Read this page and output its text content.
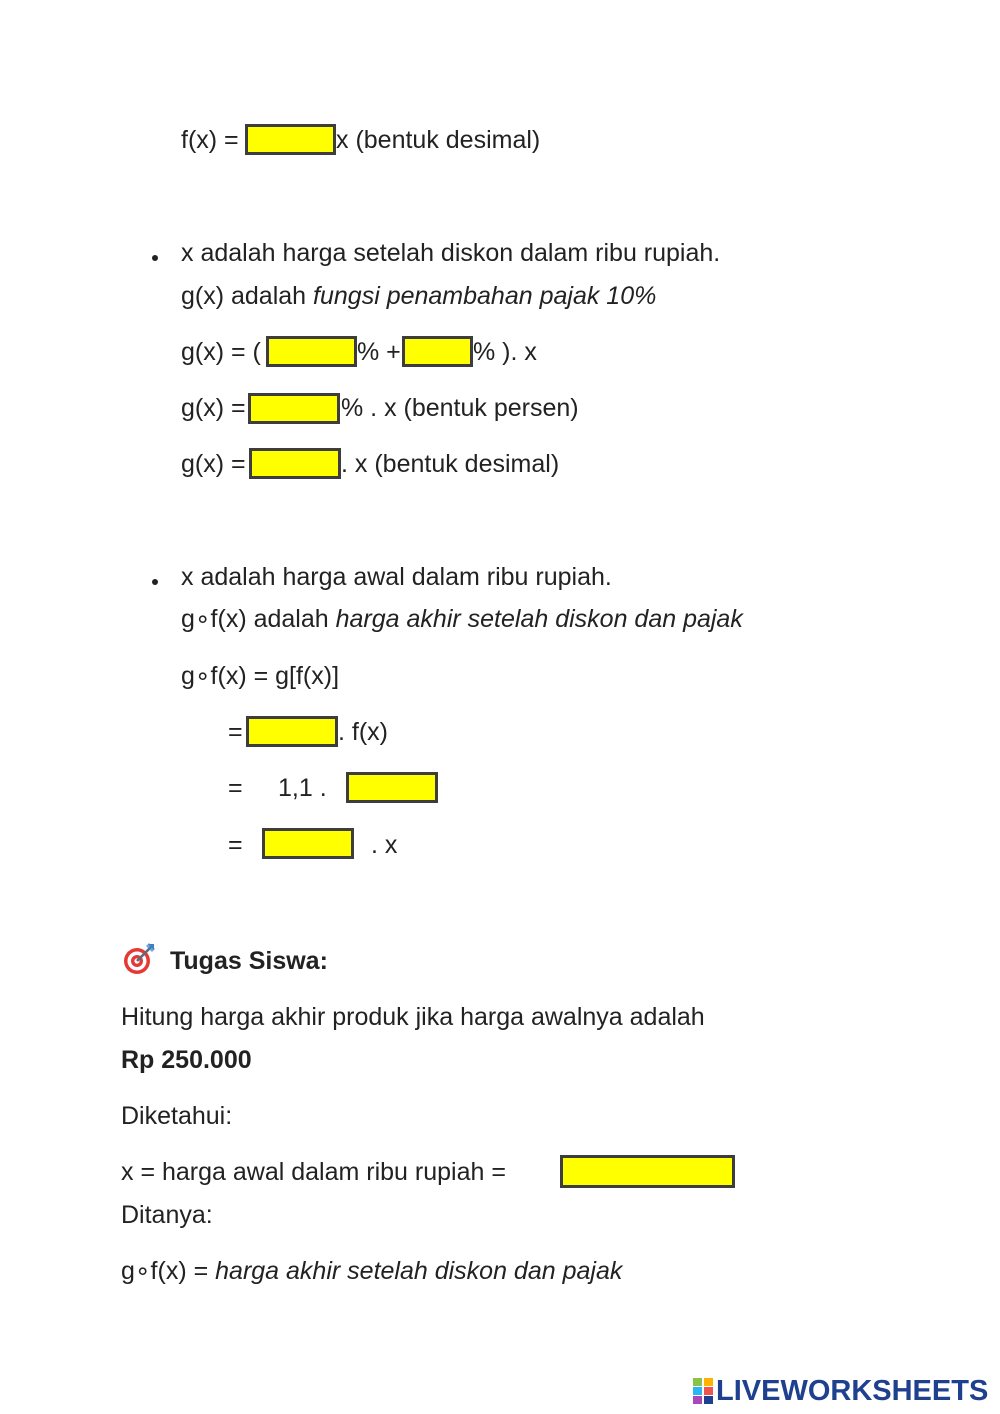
f(x) =	x (bentuk desimal)
x adalah harga setelah diskon dalam ribu rupiah.
g(x) adalah fungsi penambahan pajak 10%
g(x) = (	% +	% ). x
g(x) =	% . x (bentuk persen)
g(x) =	. x (bentuk desimal)
x adalah harga awal dalam ribu rupiah.
g∘f(x) adalah harga akhir setelah diskon dan pajak
g∘f(x) = g[f(x)]
=	. f(x)
= 1,1 .
=	. x
Tugas Siswa:
Hitung harga akhir produk jika harga awalnya adalah
Rp 250.000
Diketahui:
x = harga awal dalam ribu rupiah =
Ditanya:
g∘f(x) = harga akhir setelah diskon dan pajak
LIVEWORKSHEETS
